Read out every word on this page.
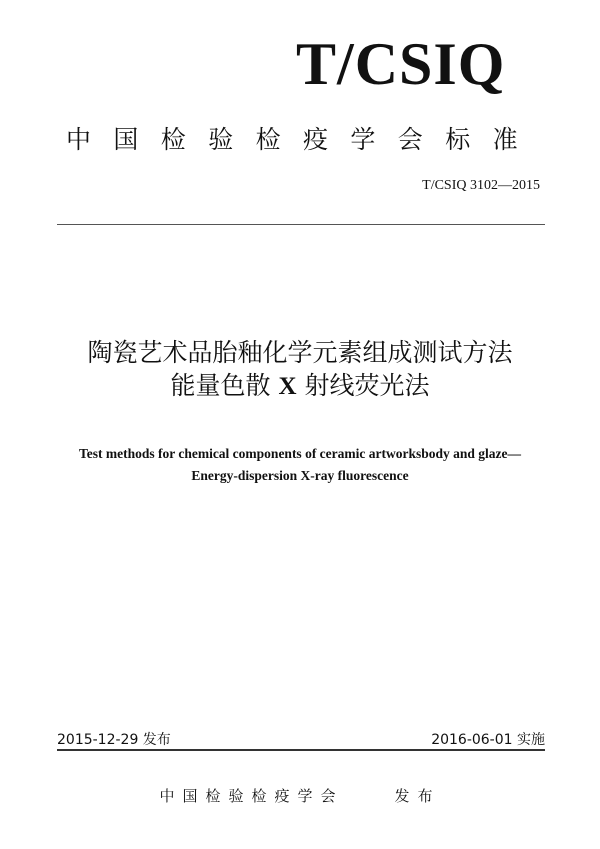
T/CSIQ
中国检验检疫学会标准
T/CSIQ 3102—2015
陶瓷艺术品胎釉化学元素组成测试方法
能量色散 X 射线荧光法
Test methods for chemical components of ceramic artworksbody and glaze—
Energy-dispersion X-ray fluorescence
2015-12-29 发布	2016-06-01 实施
中国检验检疫学会	发布
